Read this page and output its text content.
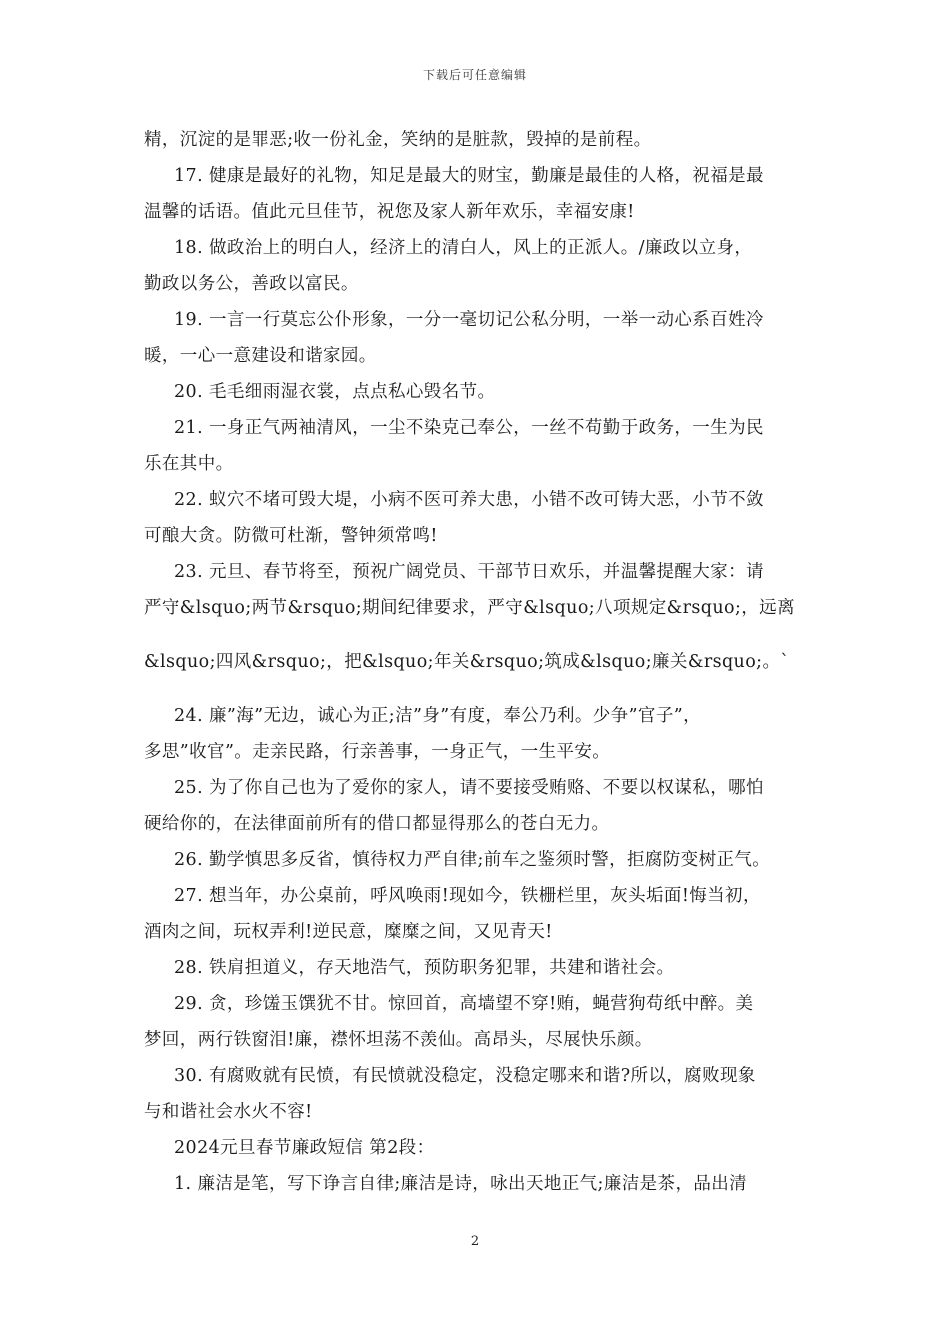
下载后可任意编辑
精，沉淀的是罪恶;收一份礼金，笑纳的是脏款，毁掉的是前程。
17. 健康是最好的礼物，知足是最大的财宝，勤廉是最佳的人格，祝福是最
温馨的话语。值此元旦佳节，祝您及家人新年欢乐，幸福安康!
18. 做政治上的明白人，经济上的清白人，风上的正派人。/廉政以立身，
勤政以务公，善政以富民。
19. 一言一行莫忘公仆形象，一分一毫切记公私分明，一举一动心系百姓冷
暖，一心一意建设和谐家园。
20. 毛毛细雨湿衣裳，点点私心毁名节。
21. 一身正气两袖清风，一尘不染克己奉公，一丝不苟勤于政务，一生为民
乐在其中。
22. 蚁穴不堵可毁大堤，小病不医可养大患，小错不改可铸大恶，小节不敛
可酿大贪。防微可杜渐，警钟须常鸣!
23. 元旦、春节将至，预祝广阔党员、干部节日欢乐，并温馨提醒大家：请
严守&lsquo;两节&rsquo;期间纪律要求，严守&lsquo;八项规定&rsquo;，远离
&lsquo;四风&rsquo;，把&lsquo;年关&rsquo;筑成&lsquo;廉关&rsquo;。`
24. 廉”海”无边，诚心为正;洁”身”有度，奉公乃利。少争”官子”，
多思”收官”。走亲民路，行亲善事，一身正气，一生平安。
25. 为了你自己也为了爱你的家人，请不要接受贿赂、不要以权谋私，哪怕
硬给你的，在法律面前所有的借口都显得那么的苍白无力。
26. 勤学慎思多反省，慎待权力严自律;前车之鉴须时警，拒腐防变树正气。
27. 想当年，办公桌前，呼风唤雨!现如今，铁栅栏里，灰头垢面!悔当初，
酒肉之间，玩权弄利!逆民意，糜糜之间，又见青天!
28. 铁肩担道义，存天地浩气，预防职务犯罪，共建和谐社会。
29. 贪，珍馐玉馔犹不甘。惊回首，高墙望不穿!贿，蝇营狗苟纸中醉。美
梦回，两行铁窗泪!廉，襟怀坦荡不羡仙。高昂头，尽展快乐颜。
30. 有腐败就有民愤，有民愤就没稳定，没稳定哪来和谐?所以，腐败现象
与和谐社会水火不容!
2024元旦春节廉政短信 第2段：
1. 廉洁是笔，写下诤言自律;廉洁是诗，咏出天地正气;廉洁是茶，品出清
2
